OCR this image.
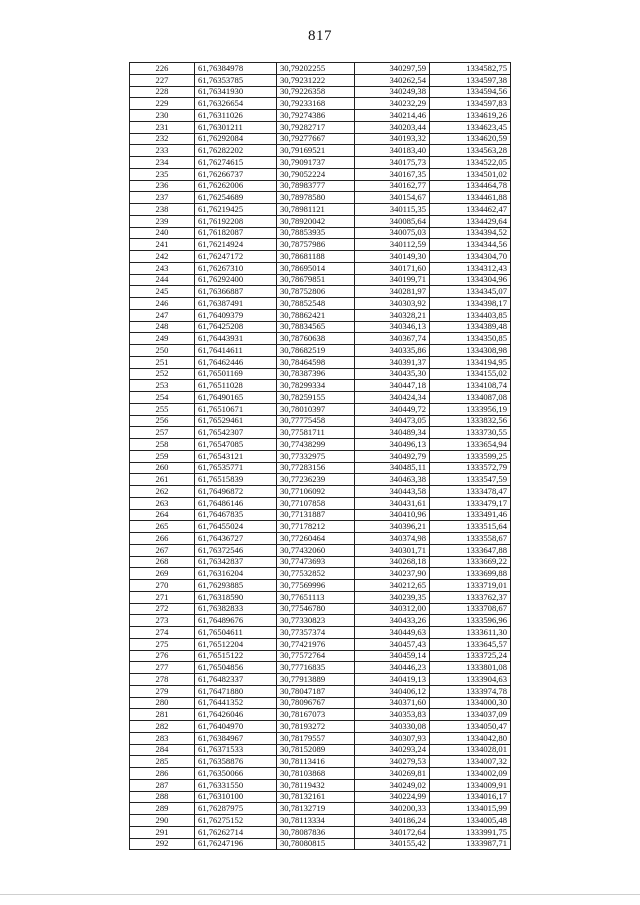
817
226	61,76384978	30,79202255	340297,59	1334582,75
227	61,76353785	30,79231222	340262,54	1334597,38
228	61,76341930	30,79226358	340249,38	1334594,56
229	61,76326654	30,79233168	340232,29	1334597,83
230	61,76311026	30,79274386	340214,46	1334619,26
231	61,76301211	30,79282717	340203,44	1334623,45
232	61,76292084	30,79277667	340193,32	1334620,59
233	61,76282202	30,79169521	340183,40	1334563,28
234	61,76274615	30,79091737	340175,73	1334522,05
235	61,76266737	30,79052224	340167,35	1334501,02
236	61,76262006	30,78983777	340162,77	1334464,78
237	61,76254689	30,78978580	340154,67	1334461,88
238	61,76219425	30,78981121	340115,35	1334462,47
239	61,76192208	30,78920042	340085,64	1334429,64
240	61,76182087	30,78853935	340075,03	1334394,52
241	61,76214924	30,78757986	340112,59	1334344,56
242	61,76247172	30,78681188	340149,30	1334304,70
243	61,76267310	30,78695014	340171,60	1334312,43
244	61,76292400	30,78679851	340199,71	1334304,96
245	61,76366887	30,78752806	340281,97	1334345,07
246	61,76387491	30,78852548	340303,92	1334398,17
247	61,76409379	30,78862421	340328,21	1334403,85
248	61,76425208	30,78834565	340346,13	1334389,48
249	61,76443931	30,78760638	340367,74	1334350,85
250	61,76414611	30,78682519	340335,86	1334308,98
251	61,76462446	30,78464598	340391,37	1334194,95
252	61,76501169	30,78387396	340435,30	1334155,02
253	61,76511028	30,78299334	340447,18	1334108,74
254	61,76490165	30,78259155	340424,34	1334087,08
255	61,76510671	30,78010397	340449,72	1333956,19
256	61,76529461	30,77775458	340473,05	1333832,56
257	61,76542307	30,77581711	340489,34	1333730,55
258	61,76547085	30,77438299	340496,13	1333654,94
259	61,76543121	30,77332975	340492,79	1333599,25
260	61,76535771	30,77283156	340485,11	1333572,79
261	61,76515839	30,77236239	340463,38	1333547,59
262	61,76496872	30,77106092	340443,58	1333478,47
263	61,76486146	30,77107858	340431,61	1333479,17
264	61,76467835	30,77131887	340410,96	1333491,46
265	61,76455024	30,77178212	340396,21	1333515,64
266	61,76436727	30,77260464	340374,98	1333558,67
267	61,76372546	30,77432060	340301,71	1333647,88
268	61,76342837	30,77473693	340268,18	1333669,22
269	61,76316204	30,77532852	340237,90	1333699,88
270	61,76293885	30,77569996	340212,65	1333719,01
271	61,76318590	30,77651113	340239,35	1333762,37
272	61,76382833	30,77546780	340312,00	1333708,67
273	61,76489676	30,77330823	340433,26	1333596,96
274	61,76504611	30,77357374	340449,63	1333611,30
275	61,76512204	30,77421976	340457,43	1333645,57
276	61,76515122	30,77572764	340459,14	1333725,24
277	61,76504856	30,77716835	340446,23	1333801,08
278	61,76482337	30,77913889	340419,13	1333904,63
279	61,76471880	30,78047187	340406,12	1333974,78
280	61,76441352	30,78096767	340371,60	1334000,30
281	61,76426046	30,78167073	340353,83	1334037,09
282	61,76404970	30,78193272	340330,08	1334050,47
283	61,76384967	30,78179557	340307,93	1334042,80
284	61,76371533	30,78152089	340293,24	1334028,01
285	61,76358876	30,78113416	340279,53	1334007,32
286	61,76350066	30,78103868	340269,81	1334002,09
287	61,76331550	30,78119432	340249,02	1334009,91
288	61,76310100	30,78132161	340224,99	1334016,17
289	61,76287975	30,78132719	340200,33	1334015,99
290	61,76275152	30,78113334	340186,24	1334005,48
291	61,76262714	30,78087836	340172,64	1333991,75
292	61,76247196	30,78080815	340155,42	1333987,71
